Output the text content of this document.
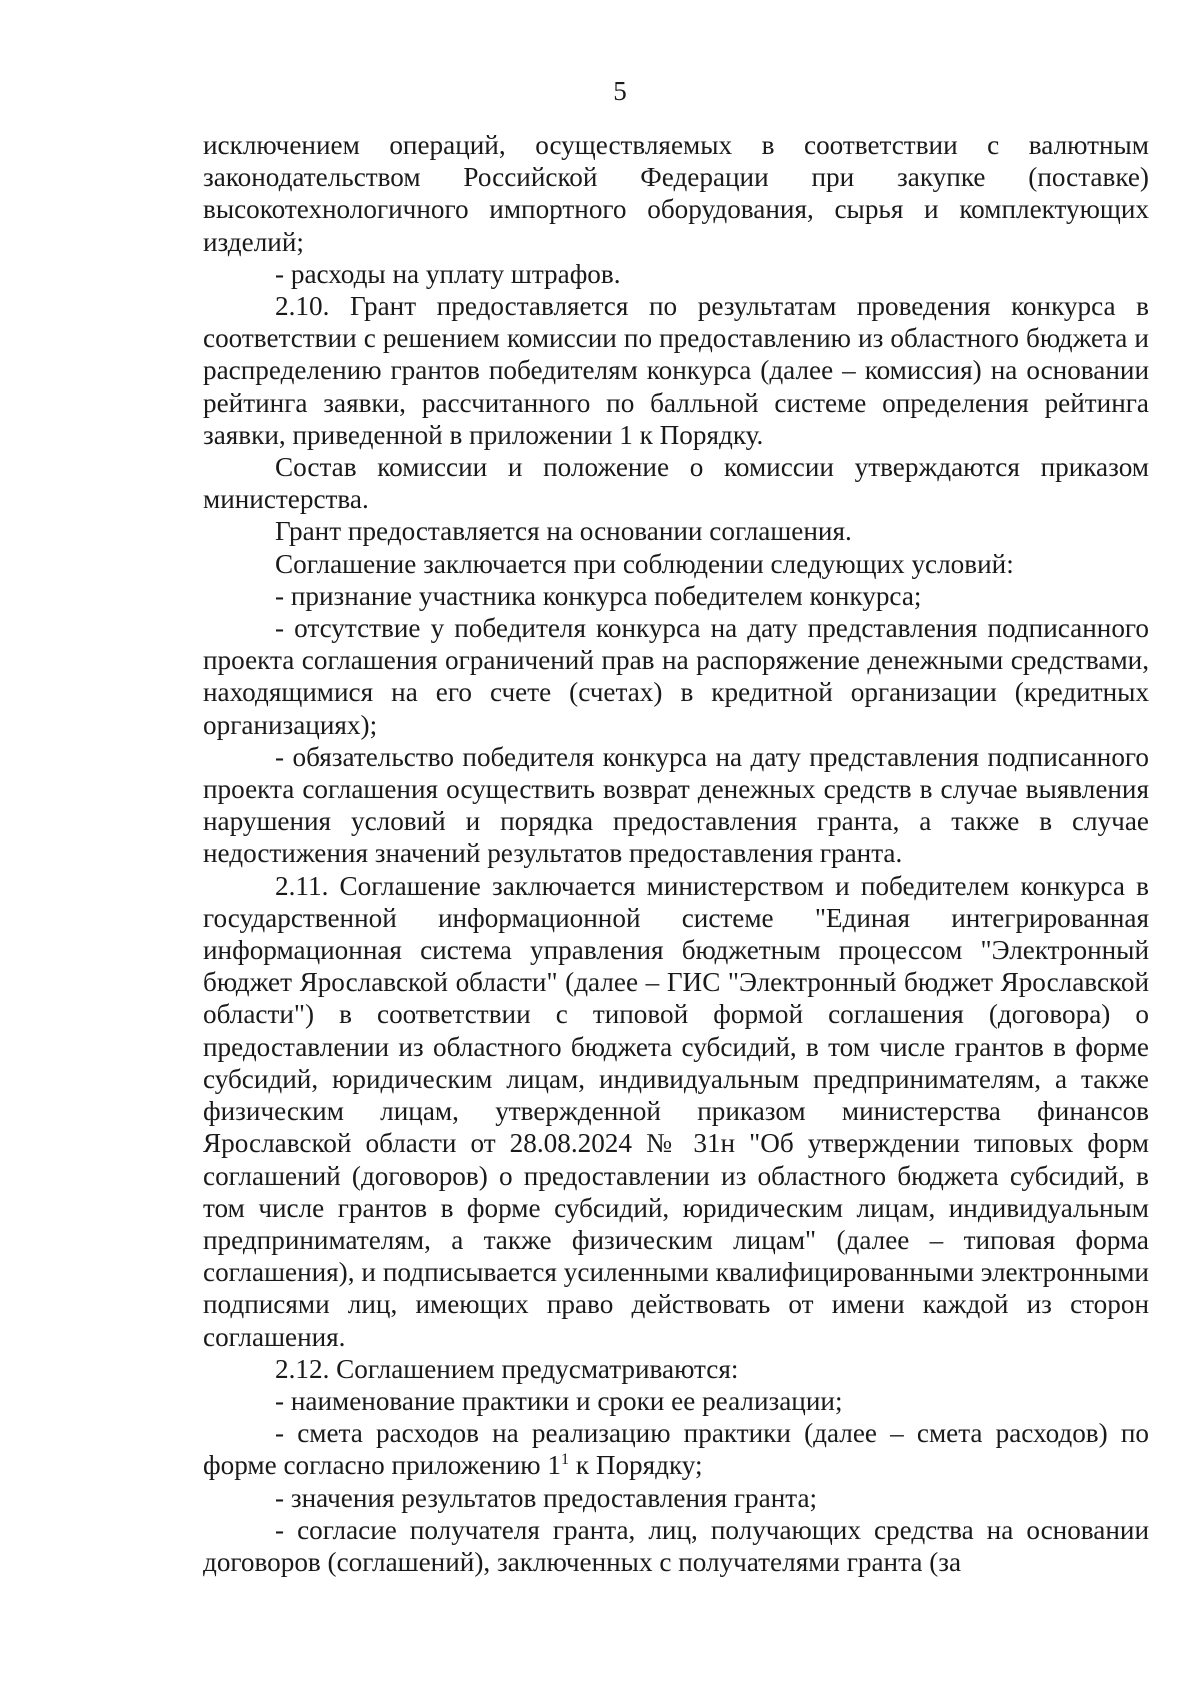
5

исключением операций, осуществляемых в соответствии с валютным законодательством Российской Федерации при закупке (поставке) высокотехнологичного импортного оборудования, сырья и комплектующих изделий;

- расходы на уплату штрафов.

2.10. Грант предоставляется по результатам проведения конкурса в соответствии с решением комиссии по предоставлению из областного бюджета и распределению грантов победителям конкурса (далее – комиссия) на основании рейтинга заявки, рассчитанного по балльной системе определения рейтинга заявки, приведенной в приложении 1 к Порядку.

Состав комиссии и положение о комиссии утверждаются приказом министерства.

Грант предоставляется на основании соглашения.

Соглашение заключается при соблюдении следующих условий:

- признание участника конкурса победителем конкурса;

- отсутствие у победителя конкурса на дату представления подписанного проекта соглашения ограничений прав на распоряжение денежными средствами, находящимися на его счете (счетах) в кредитной организации (кредитных организациях);

- обязательство победителя конкурса на дату представления подписанного проекта соглашения осуществить возврат денежных средств в случае выявления нарушения условий и порядка предоставления гранта, а также в случае недостижения значений результатов предоставления гранта.

2.11. Соглашение заключается министерством и победителем конкурса в государственной информационной системе "Единая интегрированная информационная система управления бюджетным процессом "Электронный бюджет Ярославской области" (далее – ГИС "Электронный бюджет Ярославской области") в соответствии с типовой формой соглашения (договора) о предоставлении из областного бюджета субсидий, в том числе грантов в форме субсидий, юридическим лицам, индивидуальным предпринимателям, а также физическим лицам, утвержденной приказом министерства финансов Ярославской области от 28.08.2024 № 31н "Об утверждении типовых форм соглашений (договоров) о предоставлении из областного бюджета субсидий, в том числе грантов в форме субсидий, юридическим лицам, индивидуальным предпринимателям, а также физическим лицам" (далее – типовая форма соглашения), и подписывается усиленными квалифицированными электронными подписями лиц, имеющих право действовать от имени каждой из сторон соглашения.

2.12. Соглашением предусматриваются:

- наименование практики и сроки ее реализации;

- смета расходов на реализацию практики (далее – смета расходов) по форме согласно приложению $1^1$ к Порядку;

- значения результатов предоставления гранта;

- согласие получателя гранта, лиц, получающих средства на основании договоров (соглашений), заключенных с получателями гранта (за
